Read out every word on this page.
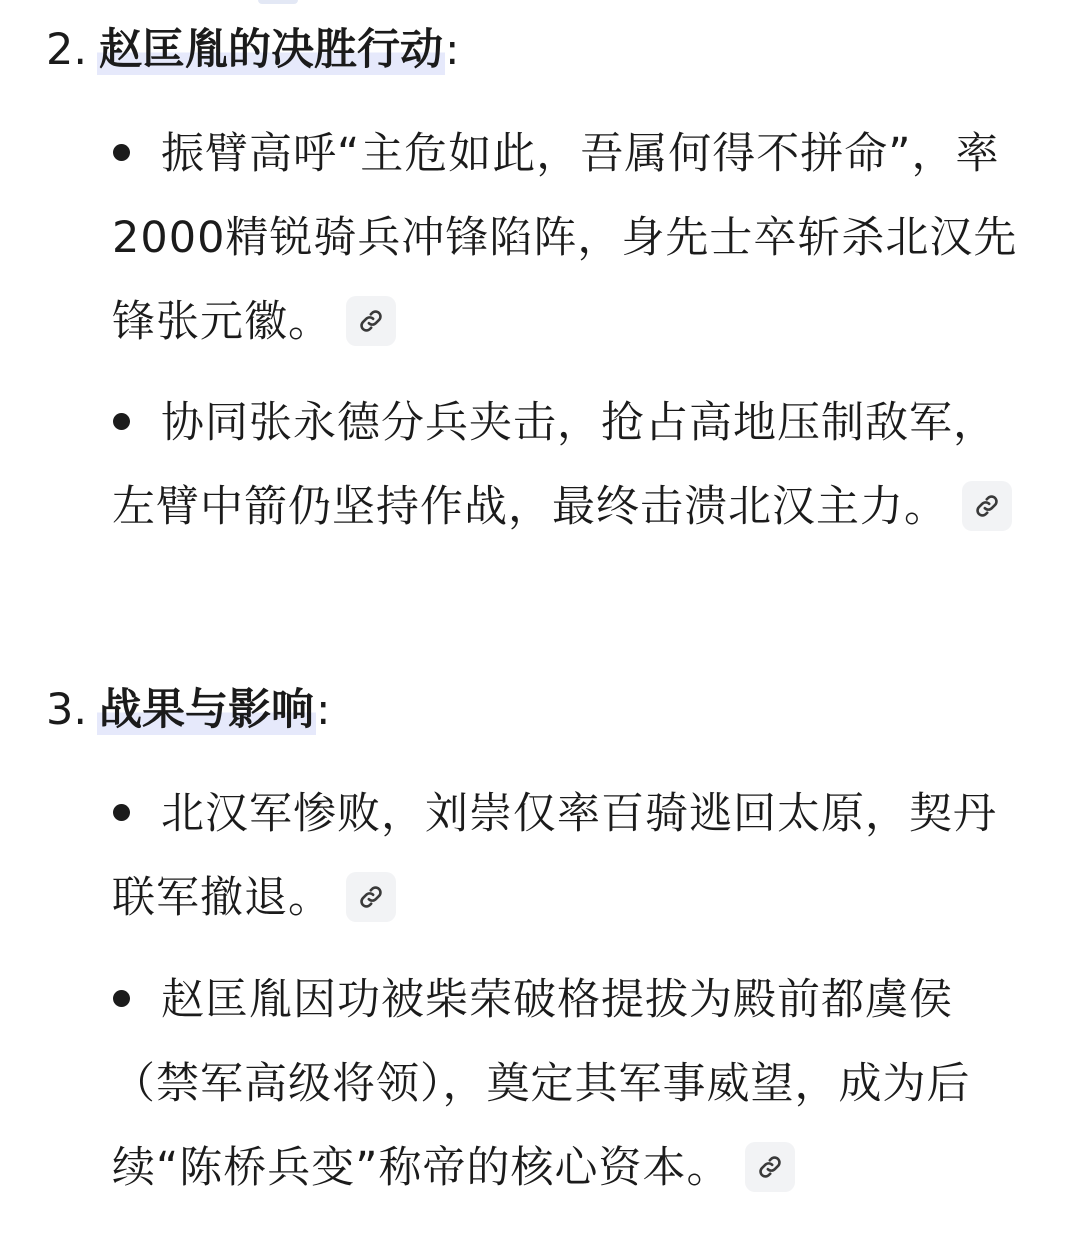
2. 赵匡胤的决胜行动:
振臂高呼“主危如此，吾属何得不拼命”，率2000精锐骑兵冲锋陷阵，身先士卒斩杀北汉先锋张元徽。
协同张永德分兵夹击，抢占高地压制敌军，左臂中箭仍坚持作战，最终击溃北汉主力。
3. 战果与影响:
北汉军惨败，刘崇仅率百骑逃回太原，契丹联军撤退。
赵匡胤因功被柴荣破格提拔为殿前都虞侯（禁军高级将领），奠定其军事威望，成为后续“陈桥兵变”称帝的核心资本。
